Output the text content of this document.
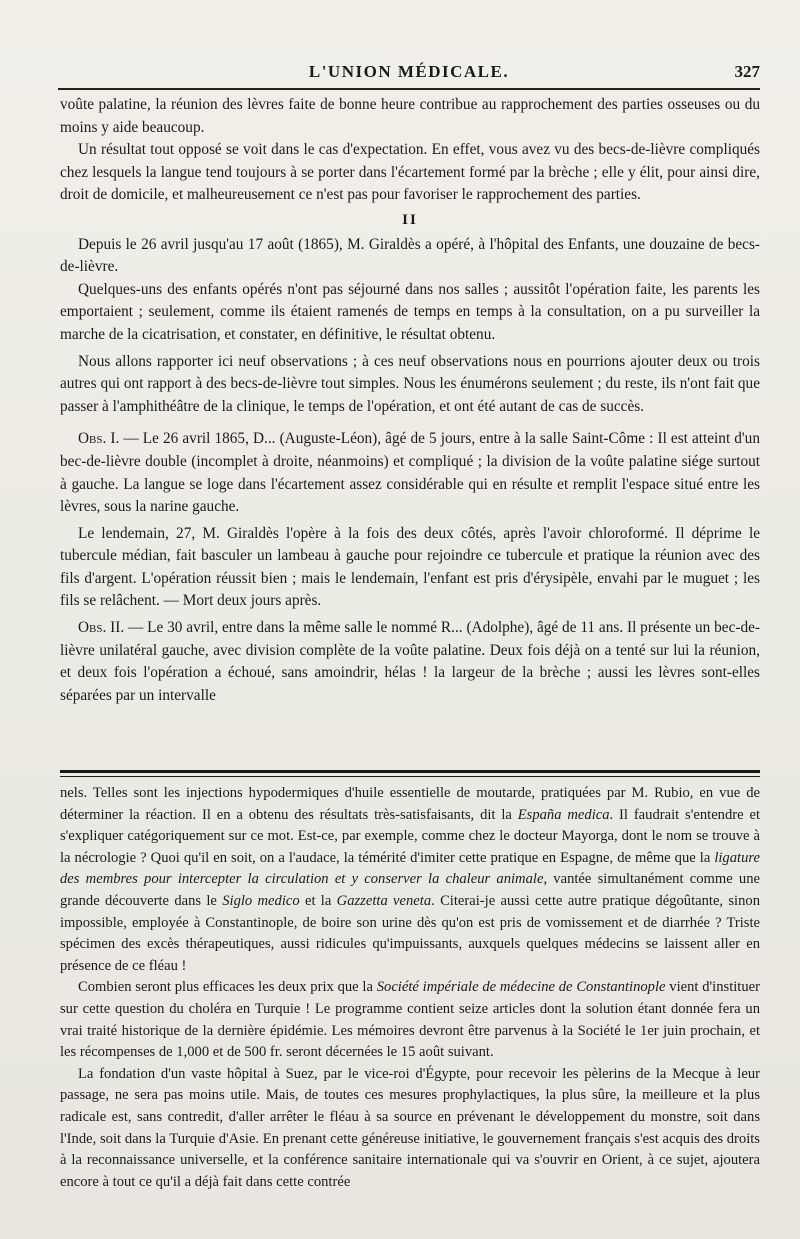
L'UNION MÉDICALE.	327

voûte palatine, la réunion des lèvres faite de bonne heure contribue au rapprochement des parties osseuses ou du moins y aide beaucoup.

Un résultat tout opposé se voit dans le cas d'expectation. En effet, vous avez vu des becs-de-lièvre compliqués chez lesquels la langue tend toujours à se porter dans l'écartement formé par la brèche ; elle y élit, pour ainsi dire, droit de domicile, et malheureusement ce n'est pas pour favoriser le rapprochement des parties.

II

Depuis le 26 avril jusqu'au 17 août (1865), M. Giraldès a opéré, à l'hôpital des Enfants, une douzaine de becs-de-lièvre.

Quelques-uns des enfants opérés n'ont pas séjourné dans nos salles ; aussitôt l'opération faite, les parents les emportaient ; seulement, comme ils étaient ramenés de temps en temps à la consultation, on a pu surveiller la marche de la cicatrisation, et constater, en définitive, le résultat obtenu.

Nous allons rapporter ici neuf observations ; à ces neuf observations nous en pourrions ajouter deux ou trois autres qui ont rapport à des becs-de-lièvre tout simples. Nous les énumérons seulement ; du reste, ils n'ont fait que passer à l'amphithéâtre de la clinique, le temps de l'opération, et ont été autant de cas de succès.

Obs. I. — Le 26 avril 1865, D... (Auguste-Léon), âgé de 5 jours, entre à la salle Saint-Côme : Il est atteint d'un bec-de-lièvre double (incomplet à droite, néanmoins) et compliqué ; la division de la voûte palatine siége surtout à gauche. La langue se loge dans l'écartement assez considérable qui en résulte et remplit l'espace situé entre les lèvres, sous la narine gauche.

Le lendemain, 27, M. Giraldès l'opère à la fois des deux côtés, après l'avoir chloroformé. Il déprime le tubercule médian, fait basculer un lambeau à gauche pour rejoindre ce tubercule et pratique la réunion avec des fils d'argent. L'opération réussit bien ; mais le lendemain, l'enfant est pris d'érysipèle, envahi par le muguet ; les fils se relâchent. — Mort deux jours après.

Obs. II. — Le 30 avril, entre dans la même salle le nommé R... (Adolphe), âgé de 11 ans. Il présente un bec-de-lièvre unilatéral gauche, avec division complète de la voûte palatine. Deux fois déjà on a tenté sur lui la réunion, et deux fois l'opération a échoué, sans amoindrir, hélas ! la largeur de la brèche ; aussi les lèvres sont-elles séparées par un intervalle

nels. Telles sont les injections hypodermiques d'huile essentielle de moutarde, pratiquées par M. Rubio, en vue de déterminer la réaction. Il en a obtenu des résultats très-satisfaisants, dit la España medica. Il faudrait s'entendre et s'expliquer catégoriquement sur ce mot. Est-ce, par exemple, comme chez le docteur Mayorga, dont le nom se trouve à la nécrologie ? Quoi qu'il en soit, on a l'audace, la témérité d'imiter cette pratique en Espagne, de même que la ligature des membres pour intercepter la circulation et y conserver la chaleur animale, vantée simultanément comme une grande découverte dans le Siglo medico et la Gazzetta veneta. Citerai-je aussi cette autre pratique dégoûtante, sinon impossible, employée à Constantinople, de boire son urine dès qu'on est pris de vomissement et de diarrhée ? Triste spécimen des excès thérapeutiques, aussi ridicules qu'impuissants, auxquels quelques médecins se laissent aller en présence de ce fléau !

Combien seront plus efficaces les deux prix que la Société impériale de médecine de Constantinople vient d'instituer sur cette question du choléra en Turquie ! Le programme contient seize articles dont la solution étant donnée fera un vrai traité historique de la dernière épidémie. Les mémoires devront être parvenus à la Société le 1er juin prochain, et les récompenses de 1,000 et de 500 fr. seront décernées le 15 août suivant.

La fondation d'un vaste hôpital à Suez, par le vice-roi d'Égypte, pour recevoir les pèlerins de la Mecque à leur passage, ne sera pas moins utile. Mais, de toutes ces mesures prophylactiques, la plus sûre, la meilleure et la plus radicale est, sans contredit, d'aller arrêter le fléau à sa source en prévenant le développement du monstre, soit dans l'Inde, soit dans la Turquie d'Asie. En prenant cette généreuse initiative, le gouvernement français s'est acquis des droits à la reconnaissance universelle, et la conférence sanitaire internationale qui va s'ouvrir en Orient, à ce sujet, ajoutera encore à tout ce qu'il a déjà fait dans cette contrée
